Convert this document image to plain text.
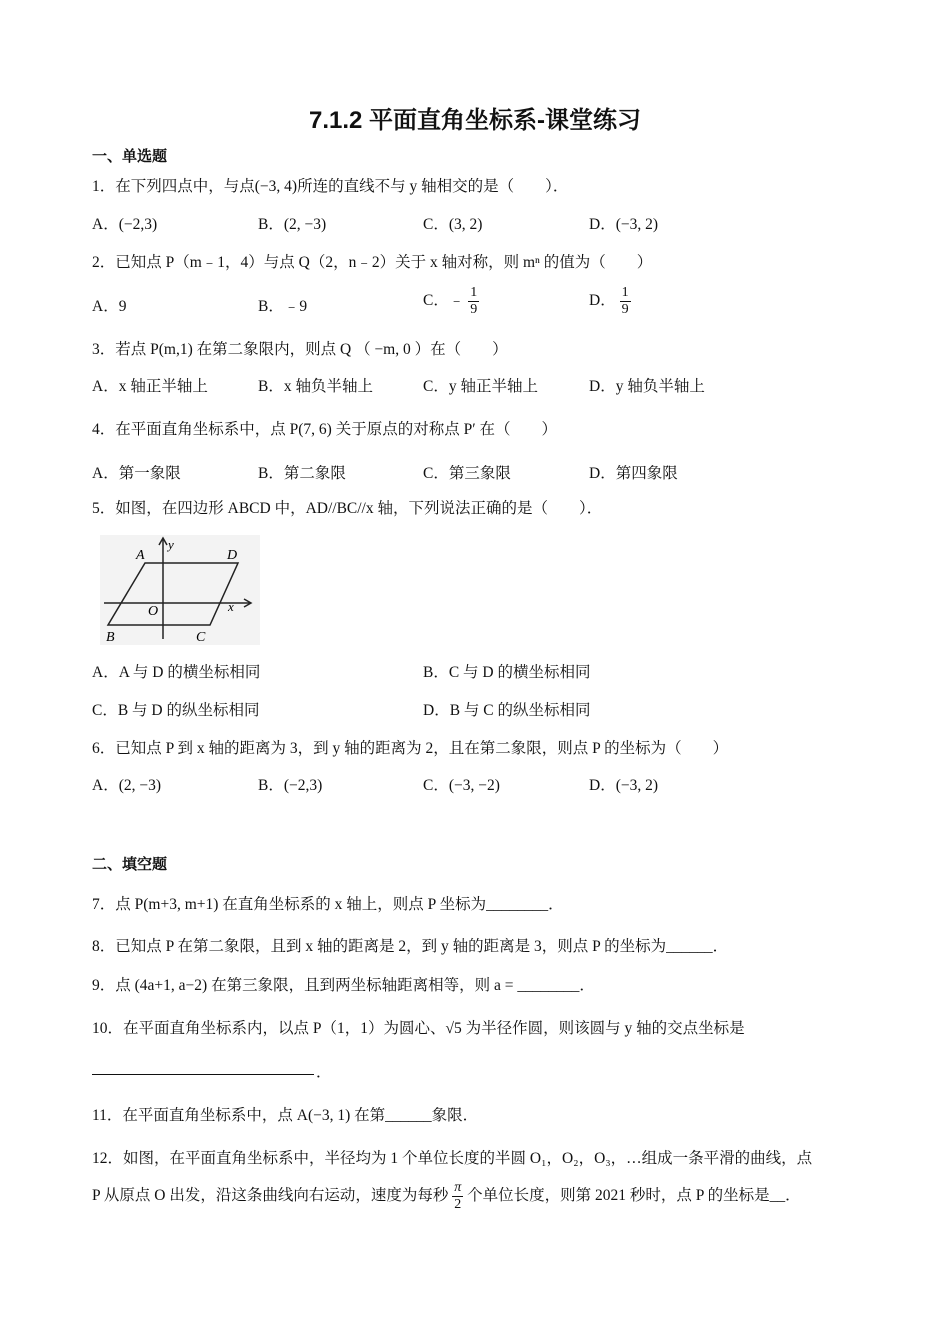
7.1.2 平面直角坐标系-课堂练习
一、单选题
1．在下列四点中，与点(−3, 4)所连的直线不与 y 轴相交的是（　　）．
A．(−2,3)	B．(2, −3)	C．(3, 2)	D．(−3, 2)
2．已知点 P（m﹣1，4）与点 Q（2，n﹣2）关于 x 轴对称，则 mⁿ 的值为（　　）
A．9	B．﹣9	C．﹣ $\frac{1}{9}$	D． $\frac{1}{9}$
3．若点 P(m,1) 在第二象限内，则点 Q （ −m, 0 ）在（　　）
A．x 轴正半轴上	B．x 轴负半轴上	C．y 轴正半轴上	D．y 轴负半轴上
4．在平面直角坐标系中，点 P(7, 6) 关于原点的对称点 P′ 在（　　）
A．第一象限	B．第二象限	C．第三象限	D．第四象限
5．如图，在四边形 ABCD 中，AD//BC//x 轴，下列说法正确的是（　　）．
A
y
D
O	x
B	C
A．A 与 D 的横坐标相同	B．C 与 D 的横坐标相同
C．B 与 D 的纵坐标相同	D．B 与 C 的纵坐标相同
6．已知点 P 到 x 轴的距离为 3，到 y 轴的距离为 2，且在第二象限，则点 P 的坐标为（　　）
A．(2, −3)	B．(−2,3)	C．(−3, −2)	D．(−3, 2)
二、填空题
7．点 P(m+3, m+1) 在直角坐标系的 x 轴上，则点 P 坐标为________．
8．已知点 P 在第二象限，且到 x 轴的距离是 2，到 y 轴的距离是 3，则点 P 的坐标为______．
9．点 (4a+1, a−2) 在第三象限，且到两坐标轴距离相等，则 a = ________．
10．在平面直角坐标系内，以点 P（1，1）为圆心、√5 为半径作圆，则该圆与 y 轴的交点坐标是
．
11．在平面直角坐标系中，点 A(−3, 1) 在第______象限．
12．如图，在平面直角坐标系中，半径均为 1 个单位长度的半圆 O₁，O₂，O₃，…组成一条平滑的曲线，点
P 从原点 O 出发，沿这条曲线向右运动，速度为每秒 $\frac{\pi}{2}$ 个单位长度，则第 2021 秒时，点 P 的坐标是__．
